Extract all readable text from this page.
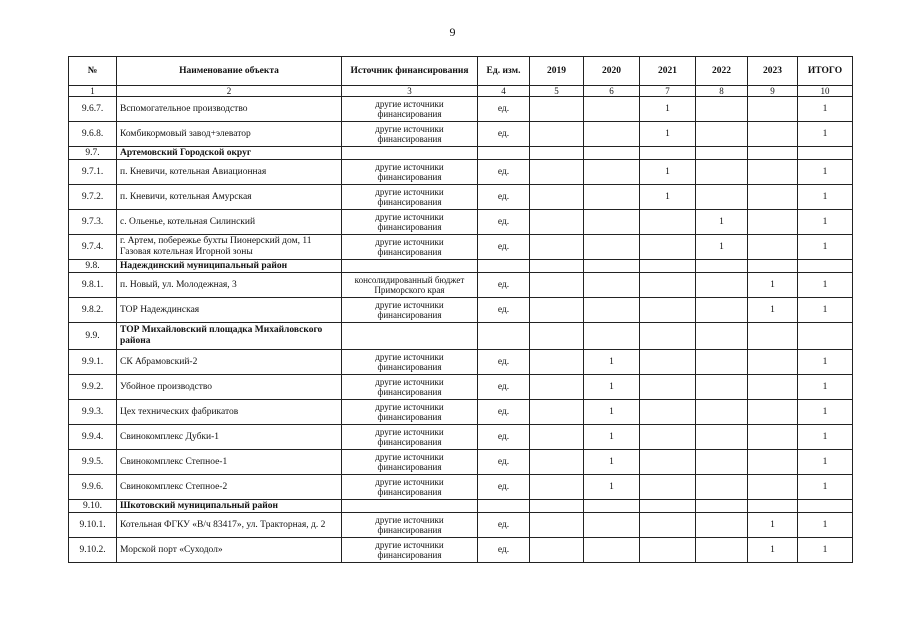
9
№	Наименование объекта	Источник финансирования	Ед. изм.	2019	2020	2021	2022	2023	ИТОГО
1	2	3	4	5	6	7	8	9	10
9.6.7.	Вспомогательное производство	другие источники финансирования	ед.			1			1
9.6.8.	Комбикормовый завод+элеватор	другие источники финансирования	ед.			1			1
9.7.	Артемовский Городской округ								
9.7.1.	п. Кневичи, котельная Авиационная	другие источники финансирования	ед.			1			1
9.7.2.	п. Кневичи, котельная Амурская	другие источники финансирования	ед.			1			1
9.7.3.	с. Ольенье, котельная Силинский	другие источники финансирования	ед.				1		1
9.7.4.	г. Артем, побережье бухты Пионерский дом, 11 Газовая котельная Игорной зоны	другие источники финансирования	ед.				1		1
9.8.	Надеждинский муниципальный район								
9.8.1.	п. Новый, ул. Молодежная, 3	консолидированный бюджет Приморского края	ед.					1	1
9.8.2.	ТОР Надеждинская	другие источники финансирования	ед.					1	1
9.9.	ТОР Михайловский площадка Михайловского района								
9.9.1.	СК Абрамовский-2	другие источники финансирования	ед.		1				1
9.9.2.	Убойное производство	другие источники финансирования	ед.		1				1
9.9.3.	Цех технических фабрикатов	другие источники финансирования	ед.		1				1
9.9.4.	Свинокомплекс Дубки-1	другие источники финансирования	ед.		1				1
9.9.5.	Свинокомплекс Степное-1	другие источники финансирования	ед.		1				1
9.9.6.	Свинокомплекс Степное-2	другие источники финансирования	ед.		1				1
9.10.	Шкотовский муниципальный район								
9.10.1.	Котельная ФГКУ «В/ч 83417», ул. Тракторная, д. 2	другие источники финансирования	ед.					1	1
9.10.2.	Морской порт «Суходол»	другие источники финансирования	ед.					1	1
